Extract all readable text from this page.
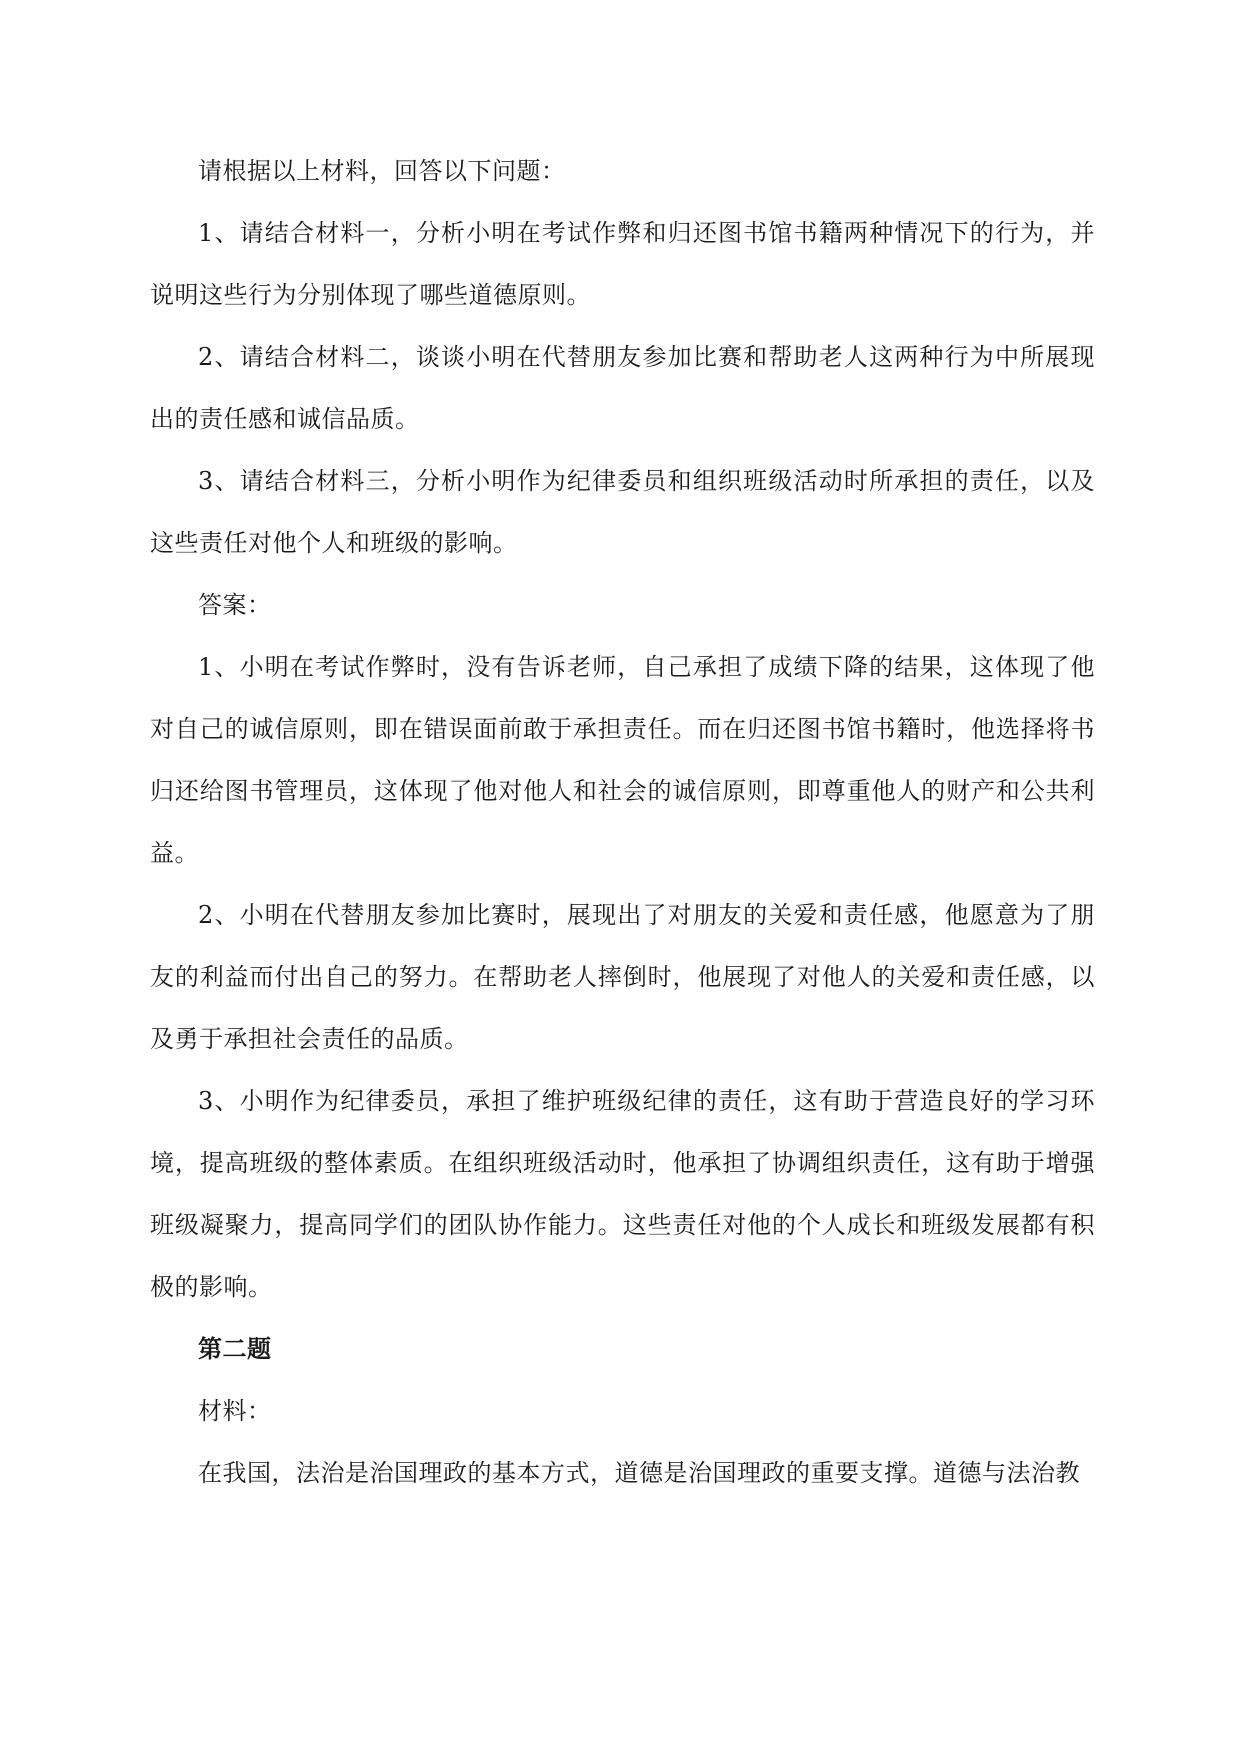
请根据以上材料，回答以下问题：

1、请结合材料一，分析小明在考试作弊和归还图书馆书籍两种情况下的行为，并说明这些行为分别体现了哪些道德原则。

2、请结合材料二，谈谈小明在代替朋友参加比赛和帮助老人这两种行为中所展现出的责任感和诚信品质。

3、请结合材料三，分析小明作为纪律委员和组织班级活动时所承担的责任，以及这些责任对他个人和班级的影响。

答案：

1、小明在考试作弊时，没有告诉老师，自己承担了成绩下降的结果，这体现了他对自己的诚信原则，即在错误面前敢于承担责任。而在归还图书馆书籍时，他选择将书归还给图书管理员，这体现了他对他人和社会的诚信原则，即尊重他人的财产和公共利益。

2、小明在代替朋友参加比赛时，展现出了对朋友的关爱和责任感，他愿意为了朋友的利益而付出自己的努力。在帮助老人摔倒时，他展现了对他人的关爱和责任感，以及勇于承担社会责任的品质。

3、小明作为纪律委员，承担了维护班级纪律的责任，这有助于营造良好的学习环境，提高班级的整体素质。在组织班级活动时，他承担了协调组织责任，这有助于增强班级凝聚力，提高同学们的团队协作能力。这些责任对他的个人成长和班级发展都有积极的影响。

第二题

材料：

在我国，法治是治国理政的基本方式，道德是治国理政的重要支撑。道德与法治教
